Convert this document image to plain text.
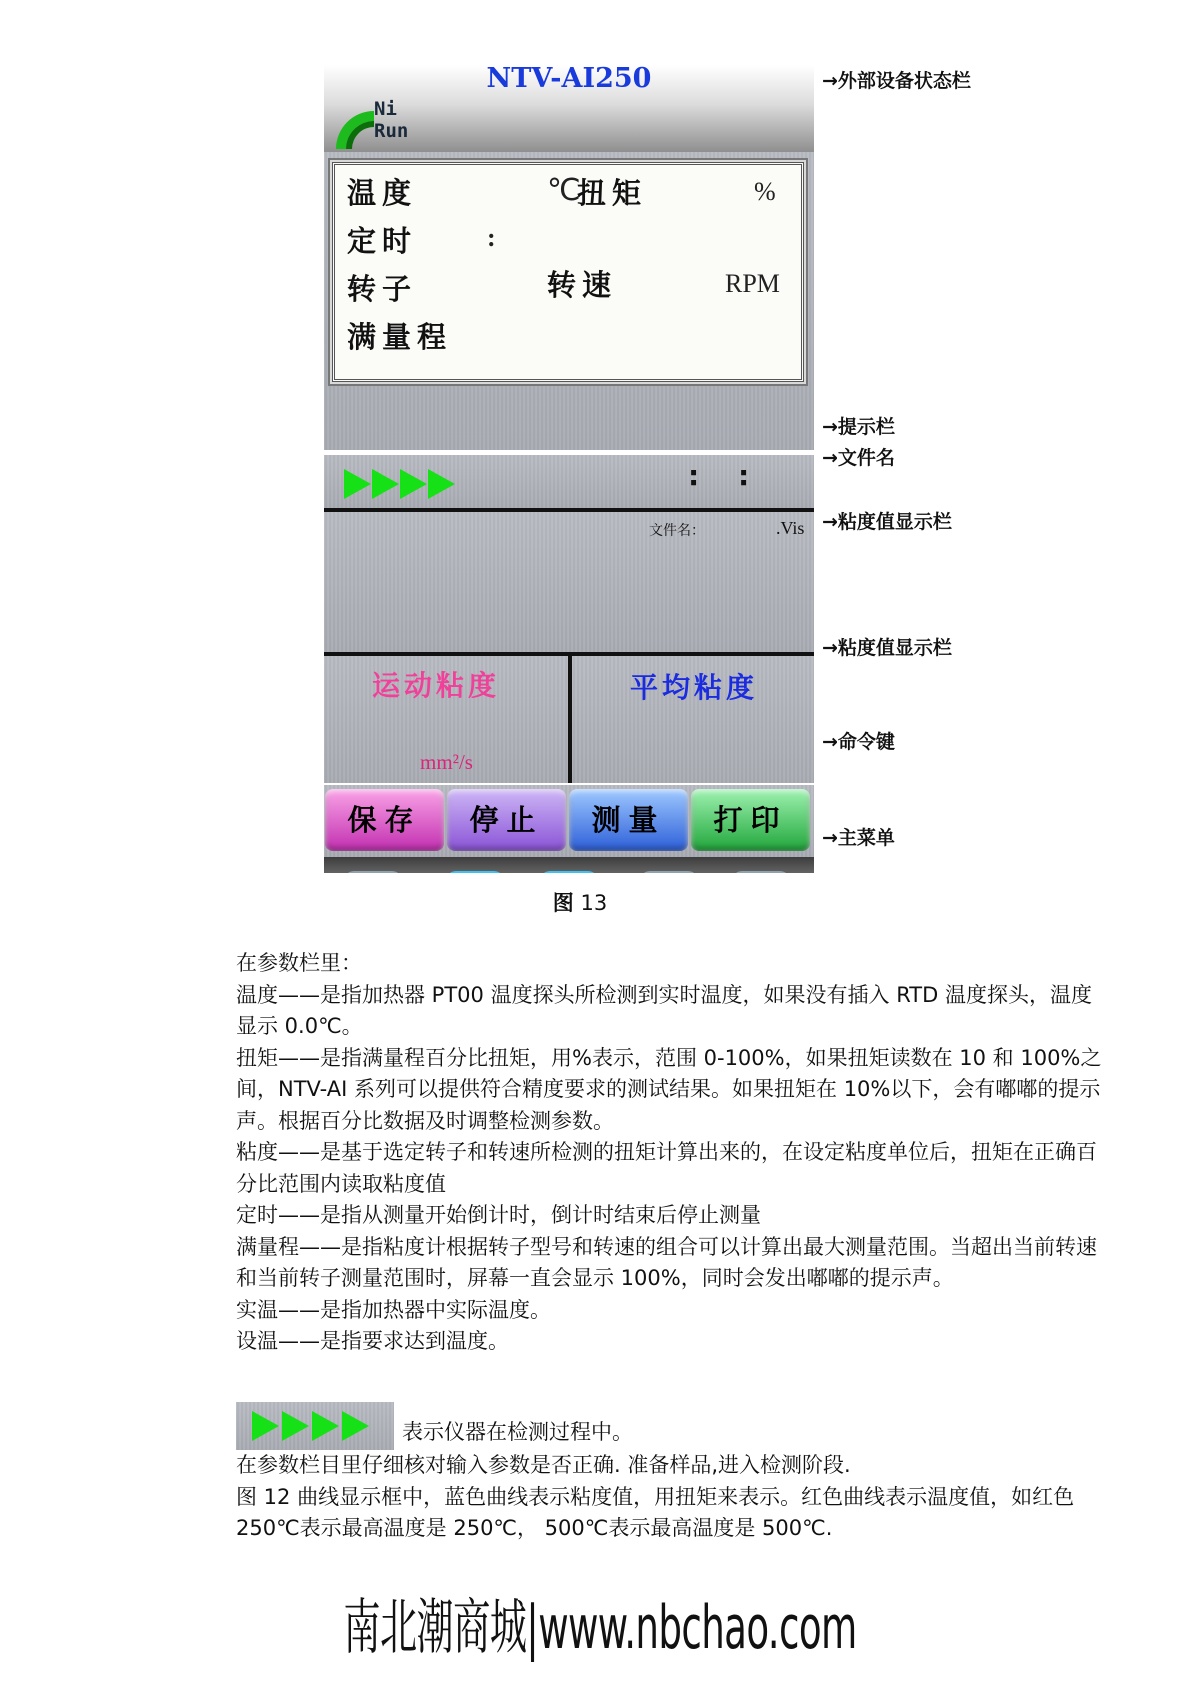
NTV-AI250
Ni
Run
温度	℃
扭矩	%
定时	:
转子	转速	RPM
满量程
: :
文件名：	.Vis
运动粘度
mm²/s
平均粘度
保存	停止	测量	打印
→外部设备状态栏
→提示栏
→文件名
→粘度值显示栏
→粘度值显示栏
→命令键
→主菜单
图 13

在参数栏里：

温度——是指加热器 PT00 温度探头所检测到实时温度，如果没有插入 RTD 温度探头，温度显示 0.0℃。

扭矩——是指满量程百分比扭矩，用%表示，范围 0-100%，如果扭矩读数在 10 和 100%之间，NTV-AI 系列可以提供符合精度要求的测试结果。如果扭矩在 10%以下，会有嘟嘟的提示声。根据百分比数据及时调整检测参数。

粘度——是基于选定转子和转速所检测的扭矩计算出来的，在设定粘度单位后，扭矩在正确百分比范围内读取粘度值

定时——是指从测量开始倒计时，倒计时结束后停止测量

满量程——是指粘度计根据转子型号和转速的组合可以计算出最大测量范围。当超出当前转速和当前转子测量范围时，屏幕一直会显示 100%，同时会发出嘟嘟的提示声。

实温——是指加热器中实际温度。

设温——是指要求达到温度。

表示仪器在检测过程中。

在参数栏目里仔细核对输入参数是否正确. 准备样品,进入检测阶段.

图 12 曲线显示框中，蓝色曲线表示粘度值，用扭矩来表示。红色曲线表示温度值，如红色 250℃表示最高温度是 250℃， 500℃表示最高温度是 500℃.

南北潮商城|www.nbchao.com
